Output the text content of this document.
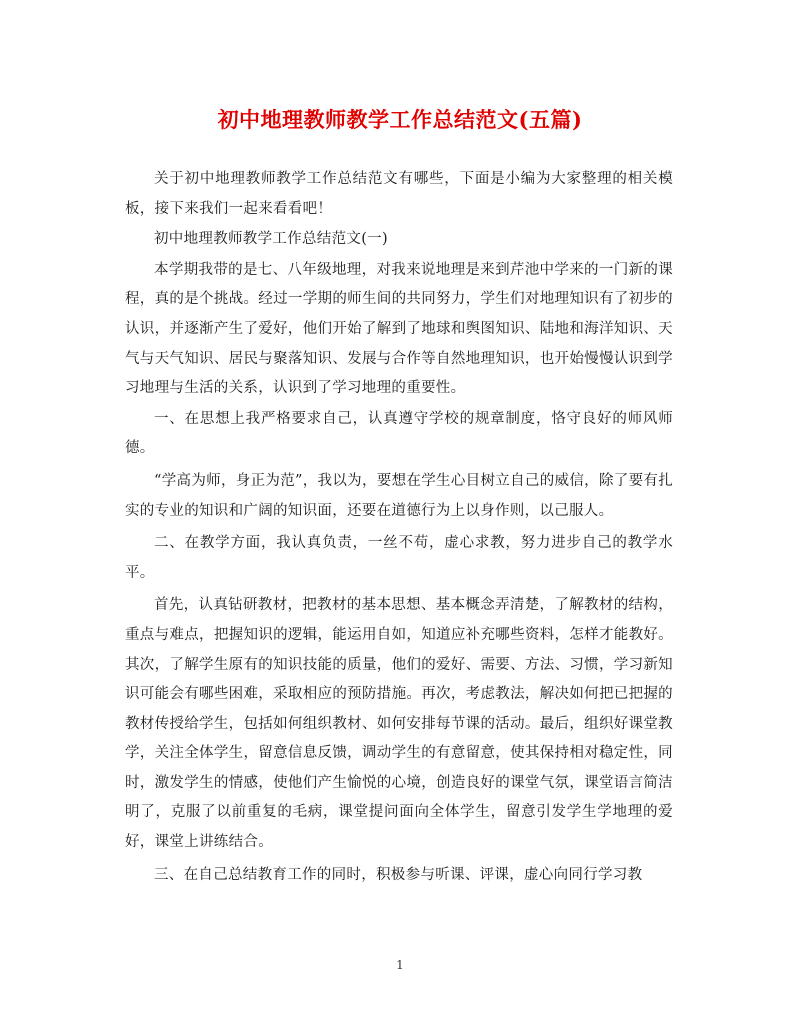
初中地理教师教学工作总结范文(五篇)

关于初中地理教师教学工作总结范文有哪些，下面是小编为大家整理的相关模板，接下来我们一起来看看吧！

初中地理教师教学工作总结范文(一)

本学期我带的是七、八年级地理，对我来说地理是来到芹池中学来的一门新的课程，真的是个挑战。经过一学期的师生间的共同努力，学生们对地理知识有了初步的认识，并逐渐产生了爱好，他们开始了解到了地球和舆图知识、陆地和海洋知识、天气与天气知识、居民与聚落知识、发展与合作等自然地理知识，也开始慢慢认识到学习地理与生活的关系，认识到了学习地理的重要性。

一、在思想上我严格要求自己，认真遵守学校的规章制度，恪守良好的师风师德。

“学高为师，身正为范”，我以为，要想在学生心目树立自己的威信，除了要有扎实的专业的知识和广阔的知识面，还要在道德行为上以身作则，以己服人。

二、在教学方面，我认真负责，一丝不苟，虚心求教，努力进步自己的教学水平。

首先，认真钻研教材，把教材的基本思想、基本概念弄清楚，了解教材的结构，重点与难点，把握知识的逻辑，能运用自如，知道应补充哪些资料，怎样才能教好。其次，了解学生原有的知识技能的质量，他们的爱好、需要、方法、习惯，学习新知识可能会有哪些困难，采取相应的预防措施。再次，考虑教法，解决如何把已把握的教材传授给学生，包括如何组织教材、如何安排每节课的活动。最后，组织好课堂教学，关注全体学生，留意信息反馈，调动学生的有意留意，使其保持相对稳定性，同时，激发学生的情感，使他们产生愉悦的心境，创造良好的课堂气氛，课堂语言简洁明了，克服了以前重复的毛病，课堂提问面向全体学生，留意引发学生学地理的爱好，课堂上讲练结合。

三、在自己总结教育工作的同时，积极参与听课、评课，虚心向同行学习教

1
